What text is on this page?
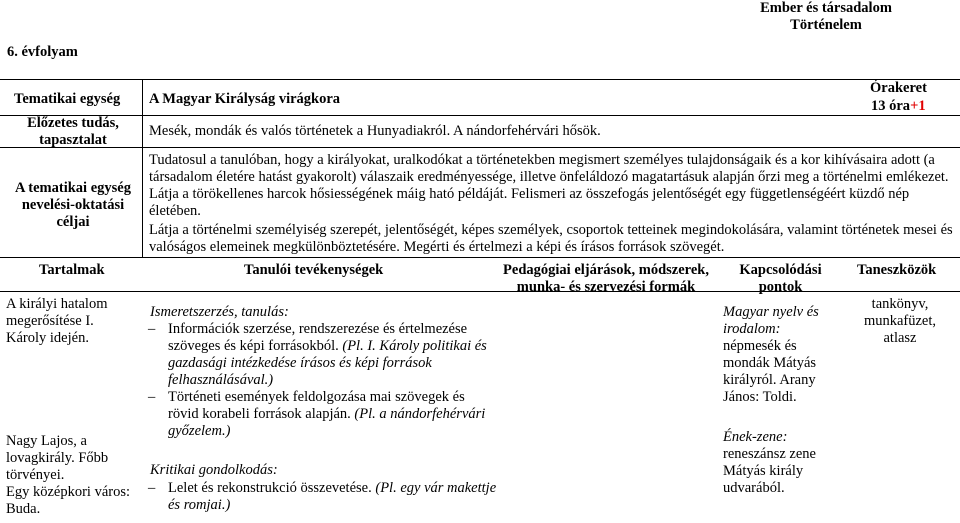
Ember és társadalom
Történelem
6. évfolyam
Tematikai egység A Magyar Királyság virágkora
Órakeret
13 óra+1
Előzetes tudás, tapasztalat
Mesék, mondák és valós történetek a Hunyadiakról. A nándorfehérvári hősök.
A tematikai egység nevelési-oktatási céljai
Tudatosul a tanulóban, hogy a királyokat, uralkodókat a történetekben megismert személyes tulajdonságaik és a kor kihívásaira adott (a társadalom életére hatást gyakorolt) válaszaik eredményessége, illetve önfeláldozó magatartásuk alapján őrzi meg a történelmi emlékezet. Látja a törökellenes harcok hősiességének máig ható példáját. Felismeri az összefogás jelentőségét egy függetlenségéért küzdő nép életében.
Látja a történelmi személyiség szerepét, jelentőségét, képes személyek, csoportok tetteinek megindokolására, valamint történetek mesei és valóságos elemeinek megkülönböztetésére. Megérti és értelmezi a képi és írásos források szövegét.
Tartalmak	Tanulói tevékenységek	Pedagógiai eljárások, módszerek, munka- és szervezési formák
Kapcsolódási pontok
Taneszközök
A királyi hatalom megerősítése I. Károly idején.
Nagy Lajos, a lovagkirály. Főbb törvényei.
Egy középkori város: Buda.
Ismeretszerzés, tanulás:
– Információk szerzése, rendszerezése és értelmezése szöveges és képi forrásokból. (Pl. I. Károly politikai és gazdasági intézkedése írásos és képi források felhasználásával.)
– Történeti események feldolgozása mai szövegek és rövid korabeli források alapján. (Pl. a nándorfehérvári győzelem.)
Kritikai gondolkodás:
– Lelet és rekonstrukció összevetése. (Pl. egy vár makettje és romjai.)
Magyar nyelv és irodalom:
népmesék és mondák Mátyás királyról. Arany János: Toldi.
Ének-zene:
reneszánsz zene Mátyás király udvarából.
tankönyv, munkafüzet, atlasz
